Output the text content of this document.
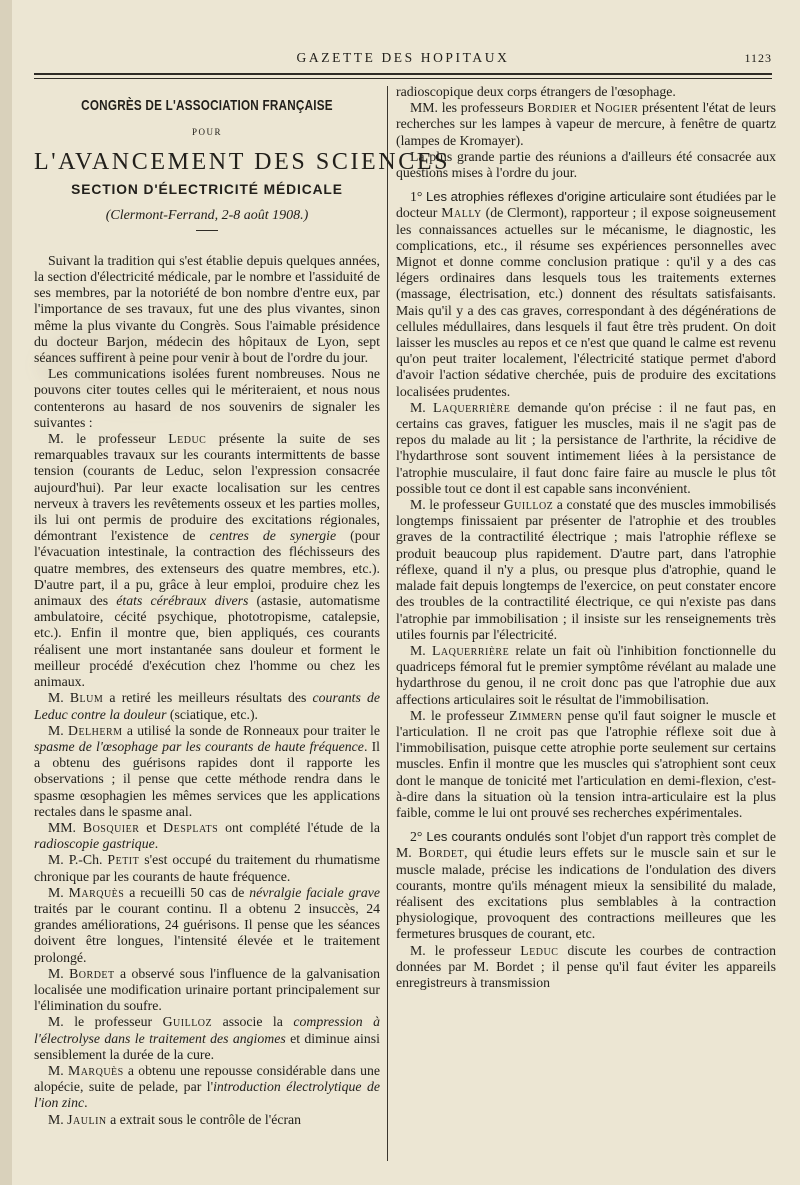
GAZETTE DES HOPITAUX	1123
CONGRÈS DE L'ASSOCIATION FRANÇAISE
POUR
L'AVANCEMENT DES SCIENCES
SECTION D'ÉLECTRICITÉ MÉDICALE
(Clermont-Ferrand, 2-8 août 1908.)

Suivant la tradition qui s'est établie depuis quelques années, la section d'électricité médicale, par le nombre et l'assiduité de ses membres, par la notoriété de bon nombre d'entre eux, par l'importance de ses travaux, fut une des plus vivantes, sinon même la plus vivante du Congrès. Sous l'aimable présidence du docteur Barjon, médecin des hôpitaux de Lyon, sept séances suffirent à peine pour venir à bout de l'ordre du jour.

Les communications isolées furent nombreuses. Nous ne pouvons citer toutes celles qui le mériteraient, et nous nous contenterons au hasard de nos souvenirs de signaler les suivantes :

M. le professeur Leduc présente la suite de ses remarquables travaux sur les courants intermittents de basse tension (courants de Leduc, selon l'expression consacrée aujourd'hui). Par leur exacte localisation sur les centres nerveux à travers les revêtements osseux et les parties molles, ils lui ont permis de produire des excitations régionales, démontrant l'existence de centres de synergie (pour l'évacuation intestinale, la contraction des fléchisseurs des quatre membres, des extenseurs des quatre membres, etc.). D'autre part, il a pu, grâce à leur emploi, produire chez les animaux des états cérébraux divers (astasie, automatisme ambulatoire, cécité psychique, phototropisme, catalepsie, etc.). Enfin il montre que, bien appliqués, ces courants réalisent une mort instantanée sans douleur et forment le meilleur procédé d'exécution chez l'homme ou chez les animaux.

M. Blum a retiré les meilleurs résultats des courants de Leduc contre la douleur (sciatique, etc.).

M. Delherm a utilisé la sonde de Ronneaux pour traiter le spasme de l'œsophage par les courants de haute fréquence. Il a obtenu des guérisons rapides dont il rapporte les observations ; il pense que cette méthode rendra dans le spasme œsophagien les mêmes services que les applications rectales dans le spasme anal.

MM. Bosquier et Desplats ont complété l'étude de la radioscopie gastrique.

M. P.-Ch. Petit s'est occupé du traitement du rhumatisme chronique par les courants de haute fréquence.

M. Marquès a recueilli 50 cas de névralgie faciale grave traités par le courant continu. Il a obtenu 2 insuccès, 24 grandes améliorations, 24 guérisons. Il pense que les séances doivent être longues, l'intensité élevée et le traitement prolongé.

M. Bordet a observé sous l'influence de la galvanisation localisée une modification urinaire portant principalement sur l'élimination du soufre.

M. le professeur Guilloz associe la compression à l'électrolyse dans le traitement des angiomes et diminue ainsi sensiblement la durée de la cure.

M. Marquès a obtenu une repousse considérable dans une alopécie, suite de pelade, par l'introduction électrolytique de l'ion zinc.

M. Jaulin a extrait sous le contrôle de l'écran

radioscopique deux corps étrangers de l'œsophage.

MM. les professeurs Bordier et Nogier présentent l'état de leurs recherches sur les lampes à vapeur de mercure, à fenêtre de quartz (lampes de Kromayer).

La plus grande partie des réunions a d'ailleurs été consacrée aux questions mises à l'ordre du jour.

1° Les atrophies réflexes d'origine articulaire sont étudiées par le docteur Mally (de Clermont), rapporteur ; il expose soigneusement les connaissances actuelles sur le mécanisme, le diagnostic, les complications, etc., il résume ses expériences personnelles avec Mignot et donne comme conclusion pratique : qu'il y a des cas légers ordinaires dans lesquels tous les traitements externes (massage, électrisation, etc.) donnent des résultats satisfaisants. Mais qu'il y a des cas graves, correspondant à des dégénérations de cellules médullaires, dans lesquels il faut être très prudent. On doit laisser les muscles au repos et ce n'est que quand le calme est revenu qu'on peut traiter localement, l'électricité statique permet d'abord d'avoir l'action sédative cherchée, puis de produire des excitations localisées prudentes.

M. Laquerrière demande qu'on précise : il ne faut pas, en certains cas graves, fatiguer les muscles, mais il ne s'agit pas de repos du malade au lit ; la persistance de l'arthrite, la récidive de l'hydarthrose sont souvent intimement liées à la persistance de l'atrophie musculaire, il faut donc faire faire au muscle le plus tôt possible tout ce dont il est capable sans inconvénient.

M. le professeur Guilloz a constaté que des muscles immobilisés longtemps finissaient par présenter de l'atrophie et des troubles graves de la contractilité électrique ; mais l'atrophie réflexe se produit beaucoup plus rapidement. D'autre part, dans l'atrophie réflexe, quand il n'y a plus, ou presque plus d'atrophie, quand le malade fait depuis longtemps de l'exercice, on peut constater encore des troubles de la contractilité électrique, ce qui n'existe pas dans l'atrophie par immobilisation ; il insiste sur les renseignements très utiles fournis par l'électricité.

M. Laquerrière relate un fait où l'inhibition fonctionnelle du quadriceps fémoral fut le premier symptôme révélant au malade une hydarthrose du genou, il ne croit donc pas que l'atrophie due aux affections articulaires soit le résultat de l'immobilisation.

M. le professeur Zimmern pense qu'il faut soigner le muscle et l'articulation. Il ne croit pas que l'atrophie réflexe soit due à l'immobilisation, puisque cette atrophie porte seulement sur certains muscles. Enfin il montre que les muscles qui s'atrophient sont ceux dont le manque de tonicité met l'articulation en demi-flexion, c'est-à-dire dans la situation où la tension intra-articulaire est la plus faible, comme le lui ont prouvé ses recherches expérimentales.

2° Les courants ondulés sont l'objet d'un rapport très complet de M. Bordet, qui étudie leurs effets sur le muscle sain et sur le muscle malade, précise les indications de l'ondulation des divers courants, montre qu'ils ménagent mieux la sensibilité du malade, réalisent des excitations plus semblables à la contraction physiologique, provoquent des contractions meilleures que les fermetures brusques de courant, etc.

M. le professeur Leduc discute les courbes de contraction données par M. Bordet ; il pense qu'il faut éviter les appareils enregistreurs à transmission
